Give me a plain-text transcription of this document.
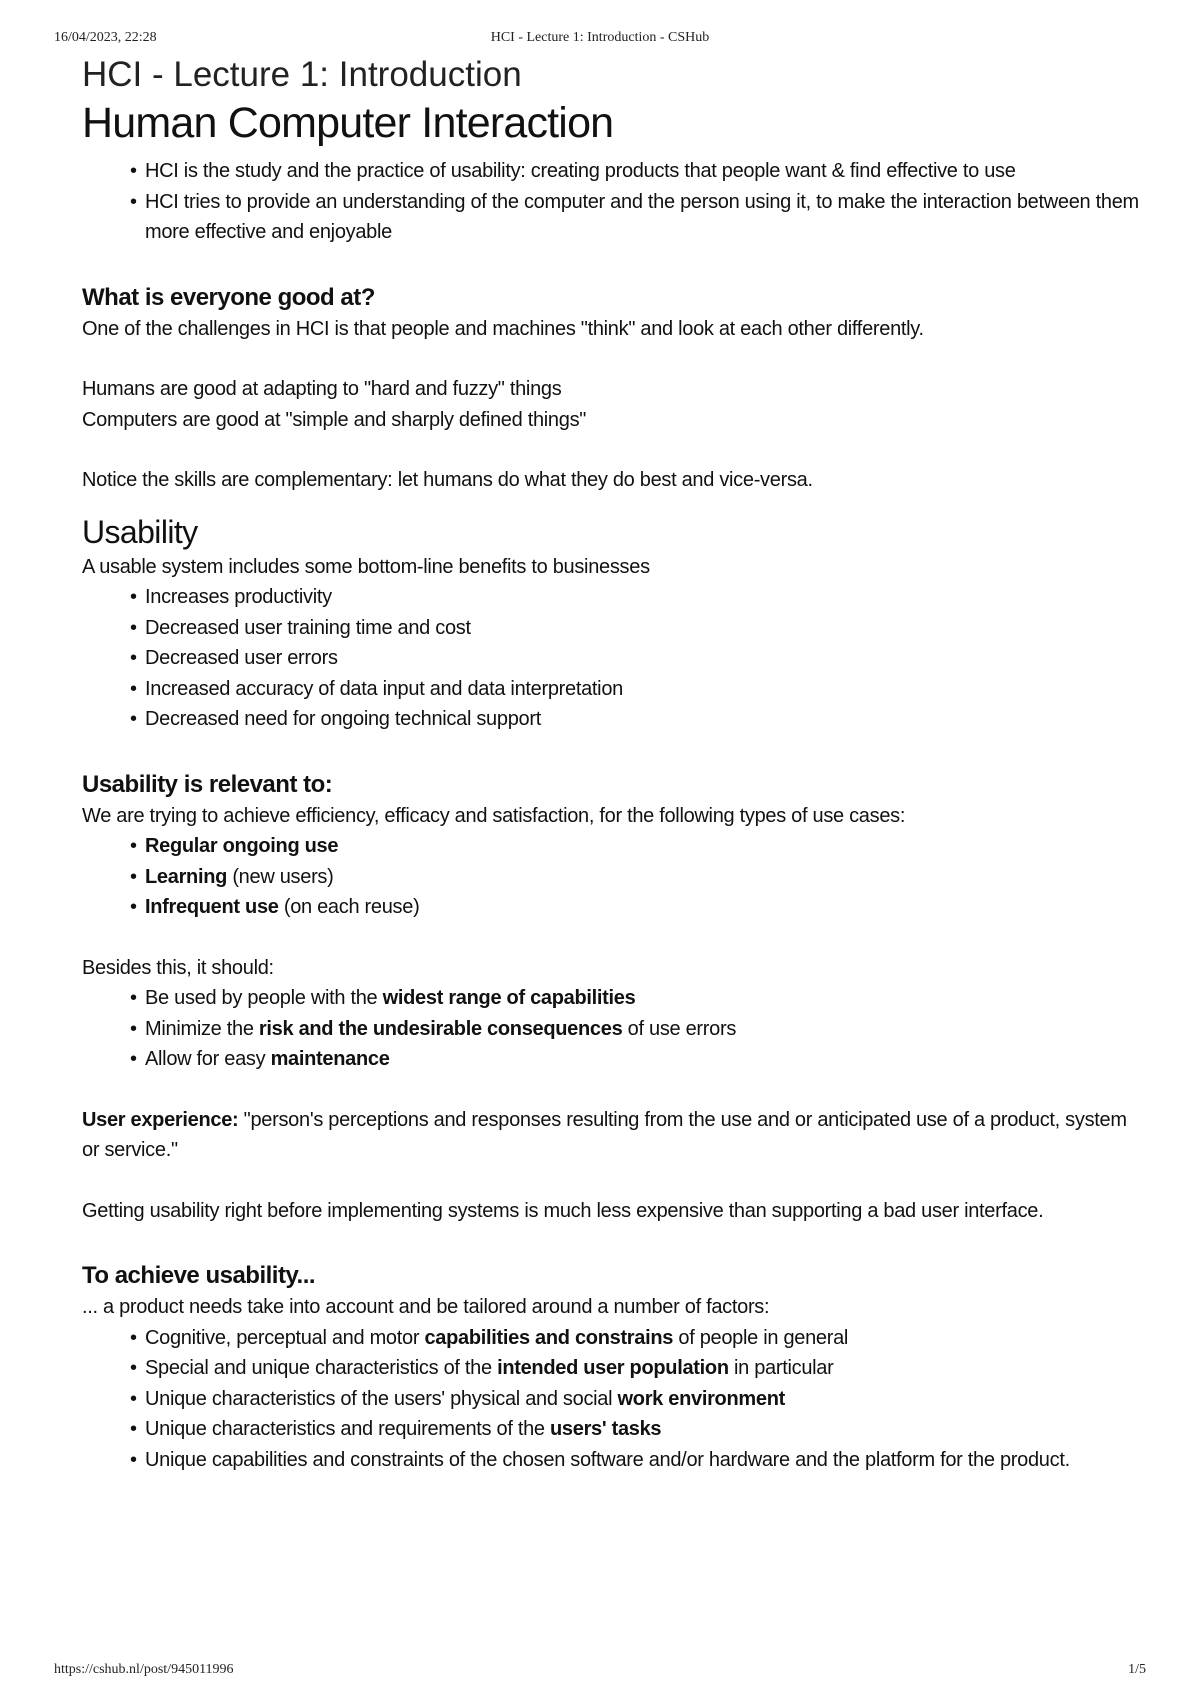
16/04/2023, 22:28	HCI - Lecture 1: Introduction - CSHub
HCI - Lecture 1: Introduction
Human Computer Interaction
• HCI is the study and the practice of usability: creating products that people want & find effective to use
• HCI tries to provide an understanding of the computer and the person using it, to make the interaction between them more effective and enjoyable
What is everyone good at?

One of the challenges in HCI is that people and machines "think" and look at each other differently.

Humans are good at adapting to "hard and fuzzy" things

Computers are good at "simple and sharply defined things"

Notice the skills are complementary: let humans do what they do best and vice-versa.

Usability

A usable system includes some bottom-line benefits to businesses

• Increases productivity
• Decreased user training time and cost
• Decreased user errors
• Increased accuracy of data input and data interpretation
• Decreased need for ongoing technical support
Usability is relevant to:

We are trying to achieve efficiency, efficacy and satisfaction, for the following types of use cases:

• Regular ongoing use
• Learning (new users)
• Infrequent use (on each reuse)

Besides this, it should:

• Be used by people with the widest range of capabilities
• Minimize the risk and the undesirable consequences of use errors
• Allow for easy maintenance

User experience: "person's perceptions and responses resulting from the use and or anticipated use of a product, system or service."

Getting usability right before implementing systems is much less expensive than supporting a bad user interface.

To achieve usability...

... a product needs take into account and be tailored around a number of factors:

• Cognitive, perceptual and motor capabilities and constrains of people in general
• Special and unique characteristics of the intended user population in particular
• Unique characteristics of the users' physical and social work environment
• Unique characteristics and requirements of the users' tasks
• Unique capabilities and constraints of the chosen software and/or hardware and the platform for the product.
https://cshub.nl/post/945011996	1/5
